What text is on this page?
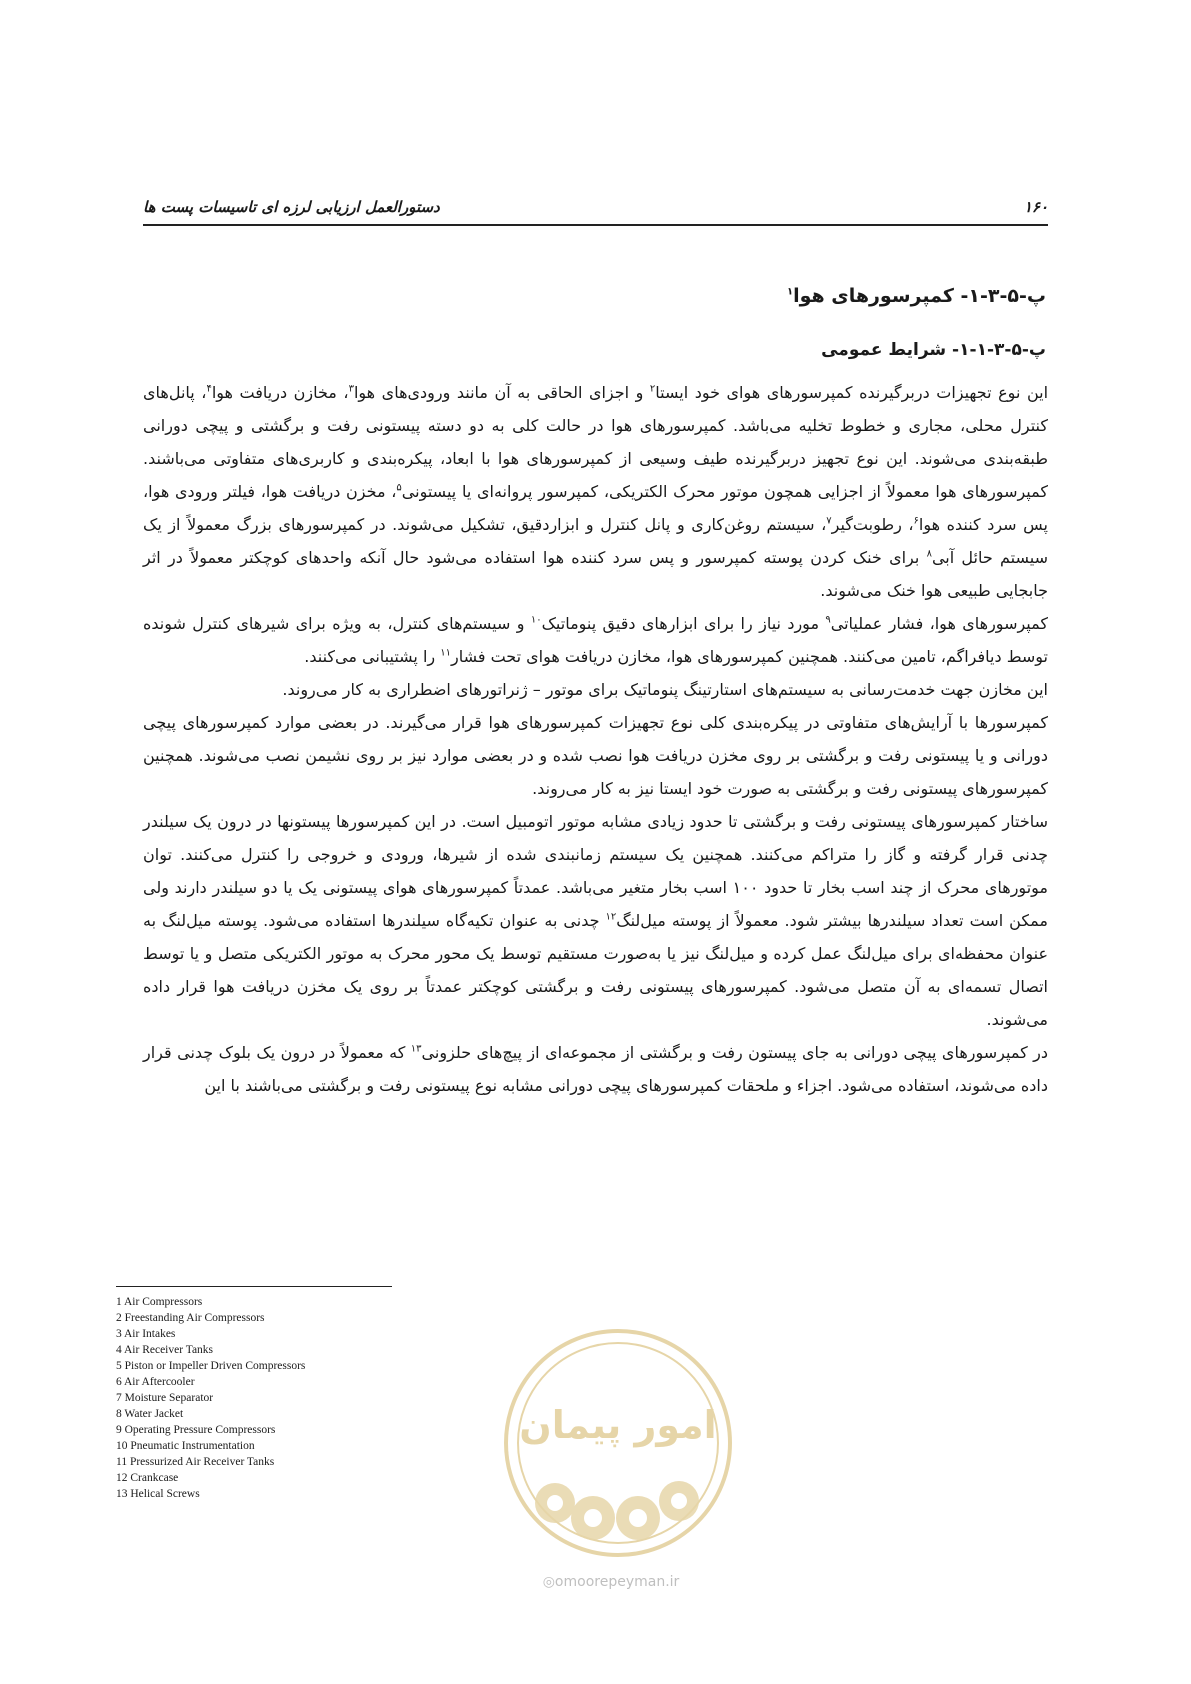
۱۶۰
دستورالعمل ارزیابی لرزه ای تاسیسات پست ها
پ-۵-۳-۱- کمپرسورهای هوا$^۱$
پ-۵-۳-۱-۱- شرایط عمومی

این نوع تجهیزات دربرگیرنده کمپرسورهای هوای خود ایستا$^۲$ و اجزای الحاقی به آن مانند ورودی‌های هوا$^۳$، مخازن دریافت هوا$^۴$، پانل‌های کنترل محلی، مجاری و خطوط تخلیه می‌باشد. کمپرسورهای هوا در حالت کلی به دو دسته پیستونی رفت و برگشتی و پیچی دورانی طبقه‌بندی می‌شوند. این نوع تجهیز دربرگیرنده طیف وسیعی از کمپرسورهای هوا با ابعاد، پیکره‌بندی و کاربری‌های متفاوتی می‌باشند. کمپرسورهای هوا معمولاً از اجزایی همچون موتور محرک الکتریکی، کمپرسور پروانه‌ای یا پیستونی$^۵$، مخزن دریافت هوا، فیلتر ورودی هوا، پس سرد کننده هوا$^۶$، رطوبت‌گیر$^۷$، سیستم روغن‌کاری و پانل کنترل و ابزاردقیق، تشکیل می‌شوند. در کمپرسورهای بزرگ معمولاً از یک سیستم حائل آبی$^۸$ برای خنک کردن پوسته کمپرسور و پس سرد کننده هوا استفاده می‌شود حال آنکه واحدهای کوچکتر معمولاً در اثر جابجایی طبیعی هوا خنک می‌شوند.

کمپرسورهای هوا، فشار عملیاتی$^۹$ مورد نیاز را برای ابزارهای دقیق پنوماتیک$^{۱۰}$ و سیستم‌های کنترل، به ویژه برای شیرهای کنترل شونده توسط دیافراگم، تامین می‌کنند. همچنین کمپرسورهای هوا، مخازن دریافت هوای تحت فشار$^{۱۱}$ را پشتیبانی می‌کنند.

این مخازن جهت خدمت‌رسانی به سیستم‌های استارتینگ پنوماتیک برای موتور – ژنراتورهای اضطراری به کار می‌روند.

کمپرسورها با آرایش‌های متفاوتی در پیکره‌بندی کلی نوع تجهیزات کمپرسورهای هوا قرار می‌گیرند. در بعضی موارد کمپرسورهای پیچی دورانی و یا پیستونی رفت و برگشتی بر روی مخزن دریافت هوا نصب شده و در بعضی موارد نیز بر روی نشیمن نصب می‌شوند. همچنین کمپرسورهای پیستونی رفت و برگشتی به صورت خود ایستا نیز به کار می‌روند.

ساختار کمپرسورهای پیستونی رفت و برگشتی تا حدود زیادی مشابه موتور اتومبیل است. در این کمپرسورها پیستونها در درون یک سیلندر چدنی قرار گرفته و گاز را متراکم می‌کنند. همچنین یک سیستم زمانبندی شده از شیرها، ورودی و خروجی را کنترل می‌کنند. توان موتورهای محرک از چند اسب بخار تا حدود ۱۰۰ اسب بخار متغیر می‌باشد. عمدتاً کمپرسورهای هوای پیستونی یک یا دو سیلندر دارند ولی ممکن است تعداد سیلندرها بیشتر شود. معمولاً از پوسته میل‌لنگ$^{۱۲}$ چدنی به عنوان تکیه‌گاه سیلندرها استفاده می‌شود. پوسته میل‌لنگ به عنوان محفظه‌ای برای میل‌لنگ عمل کرده و میل‌لنگ نیز یا به‌صورت مستقیم توسط یک محور محرک به موتور الکتریکی متصل و یا توسط اتصال تسمه‌ای به آن متصل می‌شود. کمپرسورهای پیستونی رفت و برگشتی کوچکتر عمدتاً بر روی یک مخزن دریافت هوا قرار داده می‌شوند.

در کمپرسورهای پیچی دورانی به جای پیستون رفت و برگشتی از مجموعه‌ای از پیچ‌های حلزونی$^{۱۳}$ که معمولاً در درون یک بلوک چدنی قرار داده می‌شوند، استفاده می‌شود. اجزاء و ملحقات کمپرسورهای پیچی دورانی مشابه نوع پیستونی رفت و برگشتی می‌باشند با این

1 Air Compressors
2 Freestanding Air Compressors
3 Air Intakes
4 Air Receiver Tanks
5 Piston or Impeller Driven Compressors
6 Air Aftercooler
7 Moisture Separator
8 Water Jacket
9 Operating Pressure Compressors
10 Pneumatic Instrumentation
11 Pressurized Air Receiver Tanks
12 Crankcase
13 Helical Screws
امور پیمان
◎omoorepeyman.ir
